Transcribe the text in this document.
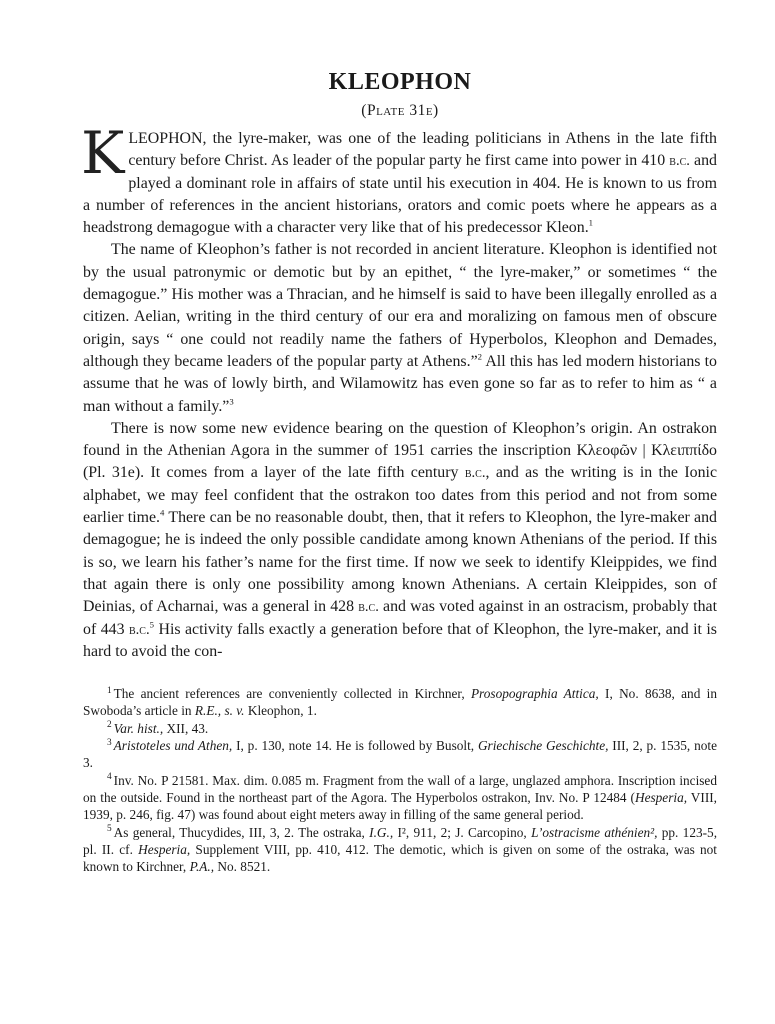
KLEOPHON
(Plate 31e)

KLEOPHON, the lyre-maker, was one of the leading politicians in Athens in the late fifth century before Christ. As leader of the popular party he first came into power in 410 b.c. and played a dominant role in affairs of state until his execution in 404. He is known to us from a number of references in the ancient historians, orators and comic poets where he appears as a headstrong demagogue with a character very like that of his predecessor Kleon.$^1$

The name of Kleophon’s father is not recorded in ancient literature. Kleophon is identified not by the usual patronymic or demotic but by an epithet, “ the lyre-maker,” or sometimes “ the demagogue.” His mother was a Thracian, and he himself is said to have been illegally enrolled as a citizen. Aelian, writing in the third century of our era and moralizing on famous men of obscure origin, says “ one could not readily name the fathers of Hyperbolos, Kleophon and Demades, although they became leaders of the popular party at Athens.”$^2$ All this has led modern historians to assume that he was of lowly birth, and Wilamowitz has even gone so far as to refer to him as “ a man without a family.”$^3$

There is now some new evidence bearing on the question of Kleophon’s origin. An ostrakon found in the Athenian Agora in the summer of 1951 carries the inscription Κλεοφῶν | Κλειππίδο (Pl. 31e). It comes from a layer of the late fifth century b.c., and as the writing is in the Ionic alphabet, we may feel confident that the ostrakon too dates from this period and not from some earlier time.$^4$ There can be no reasonable doubt, then, that it refers to Kleophon, the lyre-maker and demagogue; he is indeed the only possible candidate among known Athenians of the period. If this is so, we learn his father’s name for the first time. If now we seek to identify Kleippides, we find that again there is only one possibility among known Athenians. A certain Kleippides, son of Deinias, of Acharnai, was a general in 428 b.c. and was voted against in an ostracism, probably that of 443 b.c.$^5$ His activity falls exactly a generation before that of Kleophon, the lyre-maker, and it is hard to avoid the con-

$^1$ The ancient references are conveniently collected in Kirchner, Prosopographia Attica, I, No. 8638, and in Swoboda’s article in R.E., s. v. Kleophon, 1.

$^2$ Var. hist., XII, 43.

$^3$ Aristoteles und Athen, I, p. 130, note 14. He is followed by Busolt, Griechische Geschichte, III, 2, p. 1535, note 3.

$^4$ Inv. No. P 21581. Max. dim. 0.085 m. Fragment from the wall of a large, unglazed amphora. Inscription incised on the outside. Found in the northeast part of the Agora. The Hyperbolos ostrakon, Inv. No. P 12484 (Hesperia, VIII, 1939, p. 246, fig. 47) was found about eight meters away in filling of the same general period.

$^5$ As general, Thucydides, III, 3, 2. The ostraka, I.G., I², 911, 2; J. Carcopino, L’ostracisme athénien², pp. 123-5, pl. II. cf. Hesperia, Supplement VIII, pp. 410, 412. The demotic, which is given on some of the ostraka, was not known to Kirchner, P.A., No. 8521.
